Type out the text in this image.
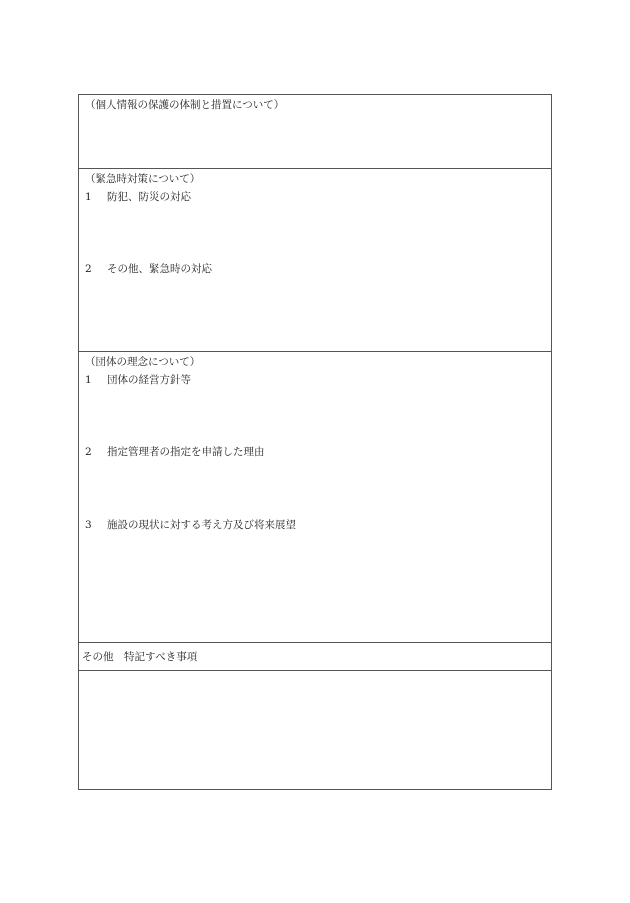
（個人情報の保護の体制と措置について）
（緊急時対策について）
1 防犯、防災の対応
2 その他、緊急時の対応
（団体の理念について）
1 団体の経営方針等
2 指定管理者の指定を申請した理由
3 施設の現状に対する考え方及び将来展望
その他　特記すべき事項
